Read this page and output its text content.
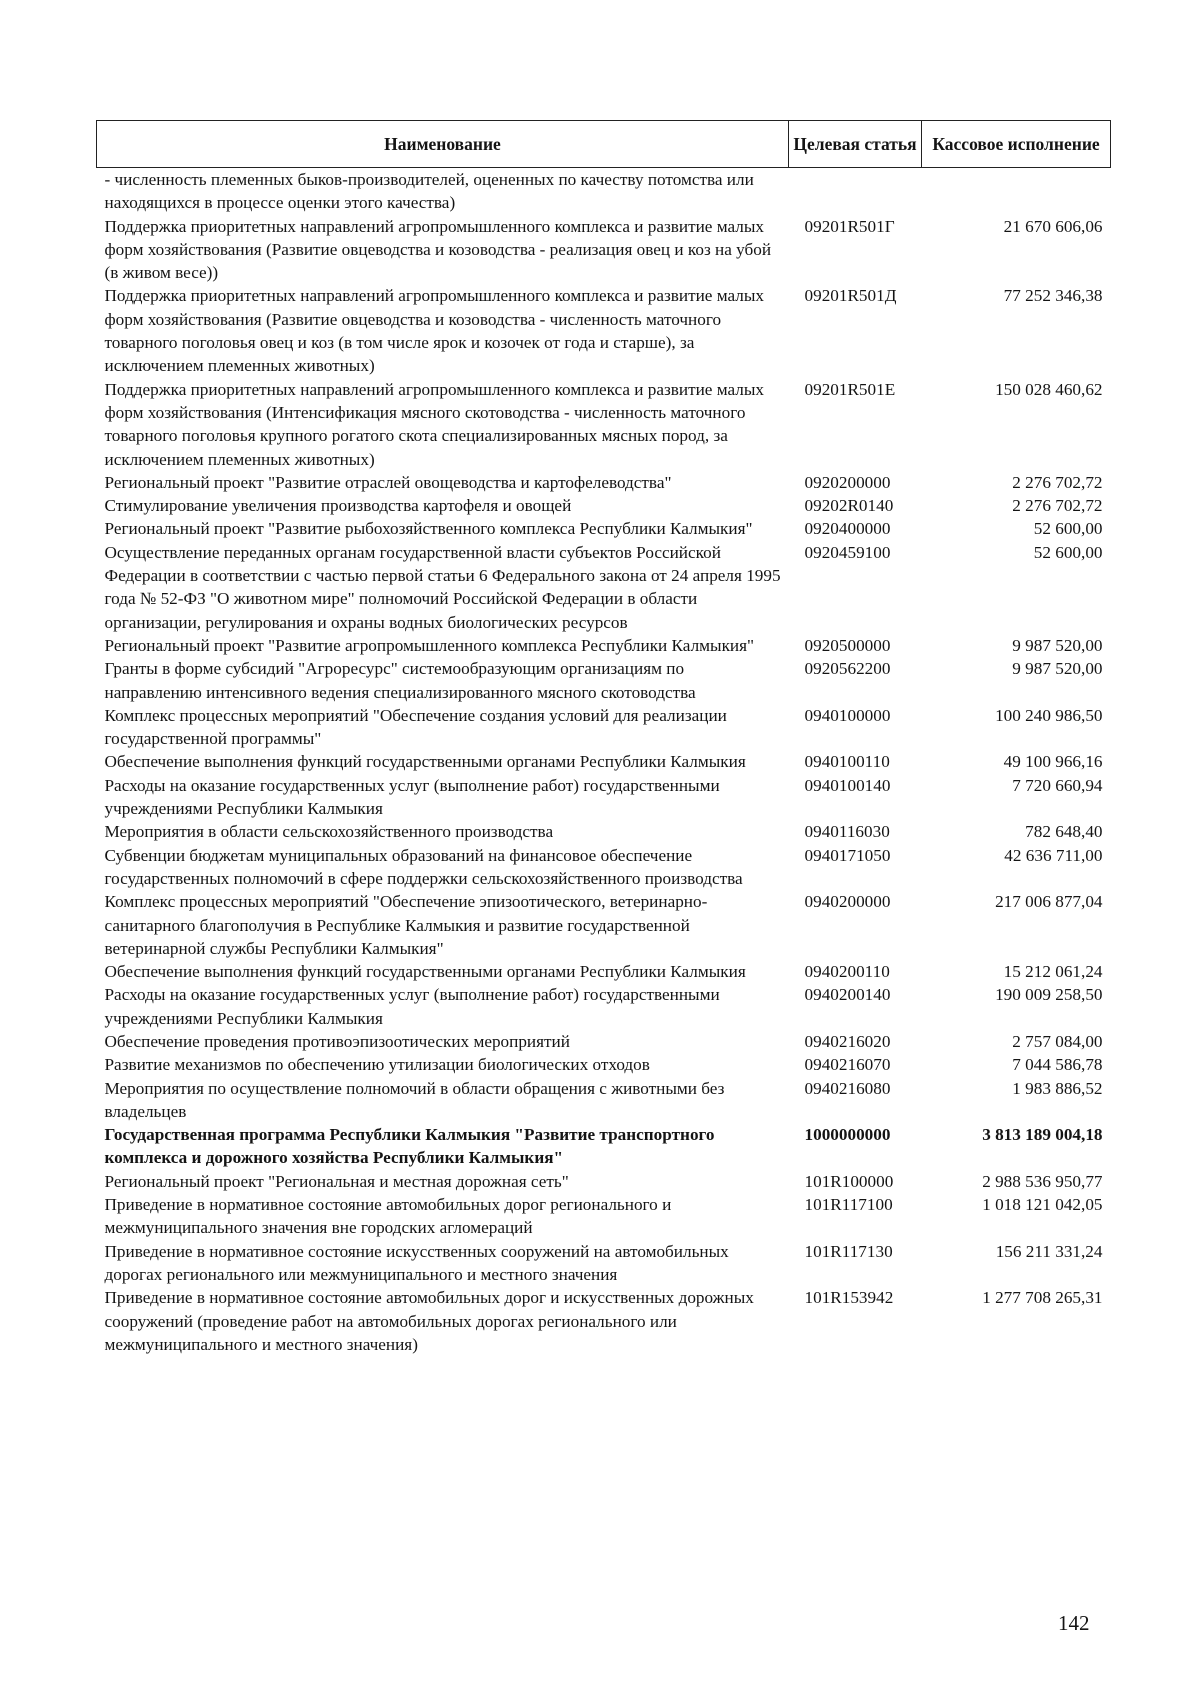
Наименование	Целевая статья	Кассовое исполнение
- численность племенных быков-производителей, оцененных по качеству потомства или находящихся в процессе оценки этого качества)		
Поддержка приоритетных направлений агропромышленного комплекса и развитие малых форм хозяйствования (Развитие овцеводства и козоводства - реализация овец и коз на убой (в живом весе))	09201R501Г	21 670 606,06
Поддержка приоритетных направлений агропромышленного комплекса и развитие малых форм хозяйствования (Развитие овцеводства и козоводства - численность маточного товарного поголовья овец и коз (в том числе ярок и козочек от года и старше), за исключением племенных животных)	09201R501Д	77 252 346,38
Поддержка приоритетных направлений агропромышленного комплекса и развитие малых форм хозяйствования (Интенсификация мясного скотоводства - численность маточного товарного поголовья крупного рогатого скота специализированных мясных пород, за исключением племенных животных)	09201R501E	150 028 460,62
Региональный проект "Развитие отраслей овощеводства и картофелеводства"	0920200000	2 276 702,72
Стимулирование увеличения производства картофеля и овощей	09202R0140	2 276 702,72
Региональный проект "Развитие рыбохозяйственного комплекса Республики Калмыкия"	0920400000	52 600,00
Осуществление переданных органам государственной власти субъектов Российской Федерации в соответствии с частью первой статьи 6 Федерального закона от 24 апреля 1995 года № 52-ФЗ "О животном мире" полномочий Российской Федерации в области организации, регулирования и охраны водных биологических ресурсов	0920459100	52 600,00
Региональный проект "Развитие агропромышленного комплекса Республики Калмыкия"	0920500000	9 987 520,00
Гранты в форме субсидий "Агроресурс" системообразующим организациям по направлению интенсивного ведения специализированного мясного скотоводства	0920562200	9 987 520,00
Комплекс процессных мероприятий "Обеспечение создания условий для реализации государственной программы"	0940100000	100 240 986,50
Обеспечение выполнения функций государственными органами Республики Калмыкия	0940100110	49 100 966,16
Расходы на оказание государственных услуг (выполнение работ) государственными учреждениями Республики Калмыкия	0940100140	7 720 660,94
Мероприятия в области сельскохозяйственного производства	0940116030	782 648,40
Субвенции бюджетам муниципальных образований на финансовое обеспечение государственных полномочий в сфере поддержки сельскохозяйственного производства	0940171050	42 636 711,00
Комплекс процессных мероприятий "Обеспечение эпизоотического, ветеринарно-санитарного благополучия в Республике Калмыкия и развитие государственной ветеринарной службы Республики Калмыкия"	0940200000	217 006 877,04
Обеспечение выполнения функций государственными органами Республики Калмыкия	0940200110	15 212 061,24
Расходы на оказание государственных услуг (выполнение работ) государственными учреждениями Республики Калмыкия	0940200140	190 009 258,50
Обеспечение проведения противоэпизоотических мероприятий	0940216020	2 757 084,00
Развитие механизмов по обеспечению утилизации биологических отходов	0940216070	7 044 586,78
Мероприятия по осуществление полномочий в области обращения с животными без владельцев	0940216080	1 983 886,52
Государственная программа Республики Калмыкия "Развитие транспортного комплекса и дорожного хозяйства Республики Калмыкия"	1000000000	3 813 189 004,18
Региональный проект "Региональная и местная дорожная сеть"	101R100000	2 988 536 950,77
Приведение в нормативное состояние автомобильных дорог регионального и межмуниципального значения вне городских агломераций	101R117100	1 018 121 042,05
Приведение в нормативное состояние искусственных сооружений на автомобильных дорогах регионального или межмуниципального и местного значения	101R117130	156 211 331,24
Приведение в нормативное состояние автомобильных дорог и искусственных дорожных сооружений (проведение работ на автомобильных дорогах регионального или межмуниципального и местного значения)	101R153942	1 277 708 265,31
142
